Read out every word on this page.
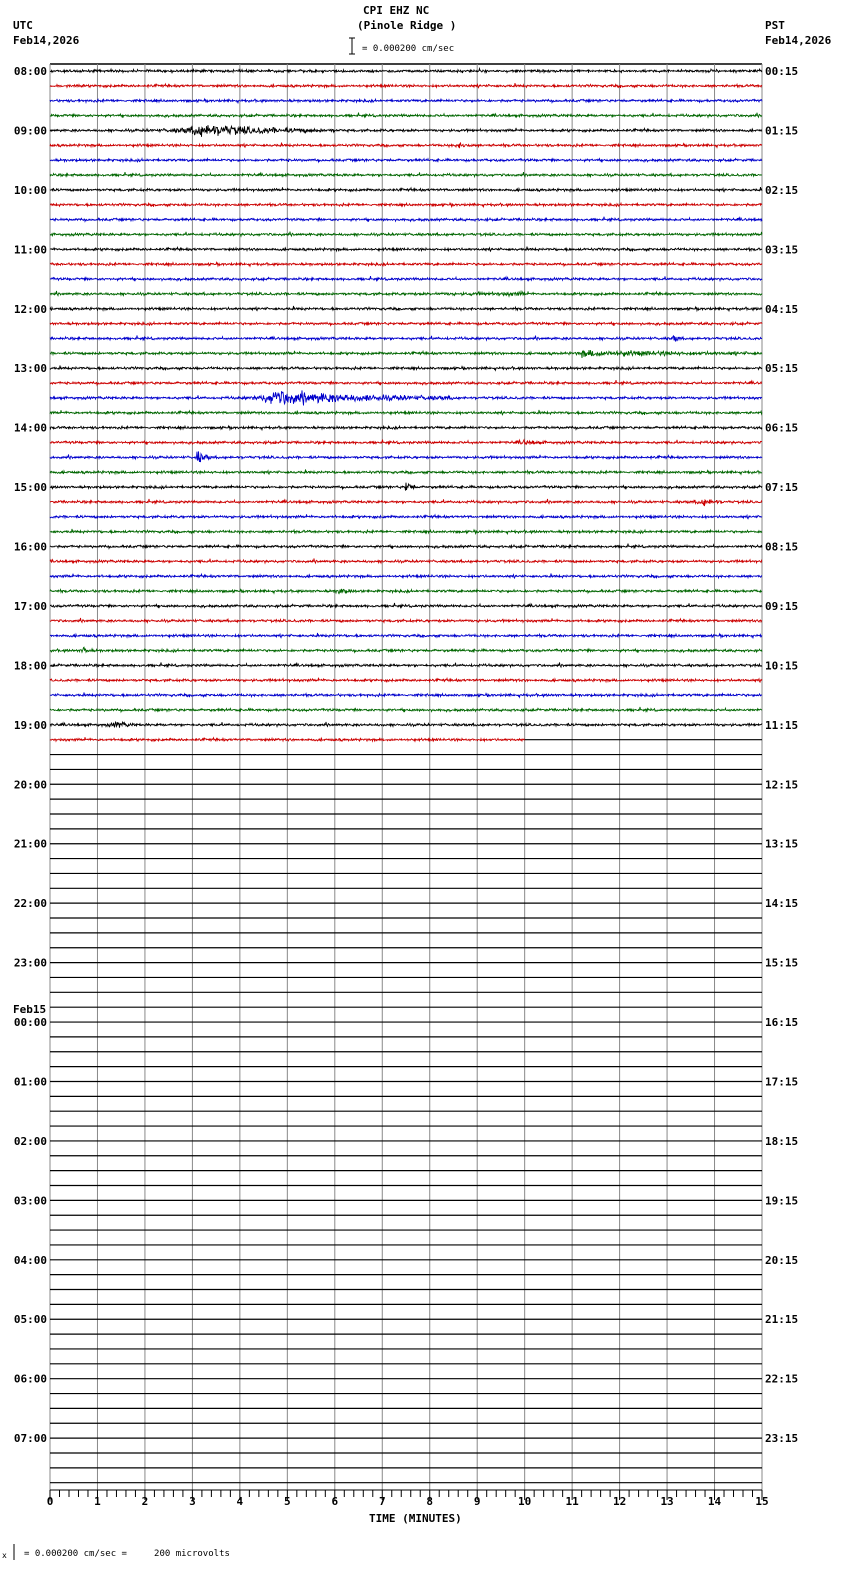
CPI EHZ NC
(Pinole Ridge )
UTC
Feb14,2026
PST
Feb14,2026
= 0.000200 cm/sec
x = 0.000200 cm/sec =     200 microvolts
TIME (MINUTES)
0	1	2	3	4	5	6	7	8	9	10	11	12	13	14	15
08:00
09:00
10:00
11:00
12:00
13:00
14:00
15:00
16:00
17:00
18:00
19:00
20:00
21:00
22:00
23:00
00:00
Feb15
01:00
02:00
03:00
04:00
05:00
06:00
07:00
00:15
01:15
02:15
03:15
04:15
05:15
06:15
07:15
08:15
09:15
10:15
11:15
12:15
13:15
14:15
15:15
16:15
17:15
18:15
19:15
20:15
21:15
22:15
23:15
